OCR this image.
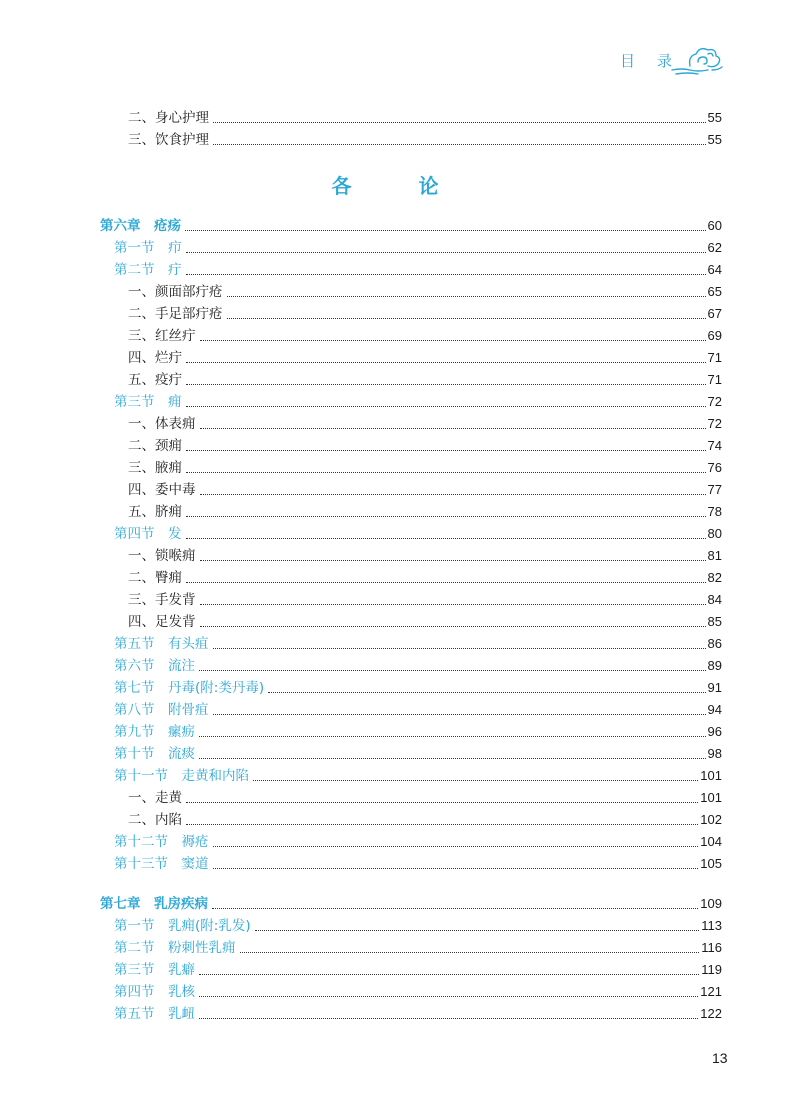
目 录
二、身心护理	55
三、饮食护理	55
各 论
第六章　疮疡	60
第一节　疖	62
第二节　疔	64
一、颜面部疔疮	65
二、手足部疔疮	67
三、红丝疔	69
四、烂疔	71
五、疫疔	71
第三节　痈	72
一、体表痈	72
二、颈痈	74
三、腋痈	76
四、委中毒	77
五、脐痈	78
第四节　发	80
一、锁喉痈	81
二、臀痈	82
三、手发背	84
四、足发背	85
第五节　有头疽	86
第六节　流注	89
第七节　丹毒(附:类丹毒)	91
第八节　附骨疽	94
第九节　瘰疬	96
第十节　流痰	98
第十一节　走黄和内陷	101
一、走黄	101
二、内陷	102
第十二节　褥疮	104
第十三节　窦道	105
第七章　乳房疾病	109
第一节　乳痈(附:乳发)	113
第二节　粉刺性乳痈	116
第三节　乳癖	119
第四节　乳核	121
第五节　乳衄	122
13
